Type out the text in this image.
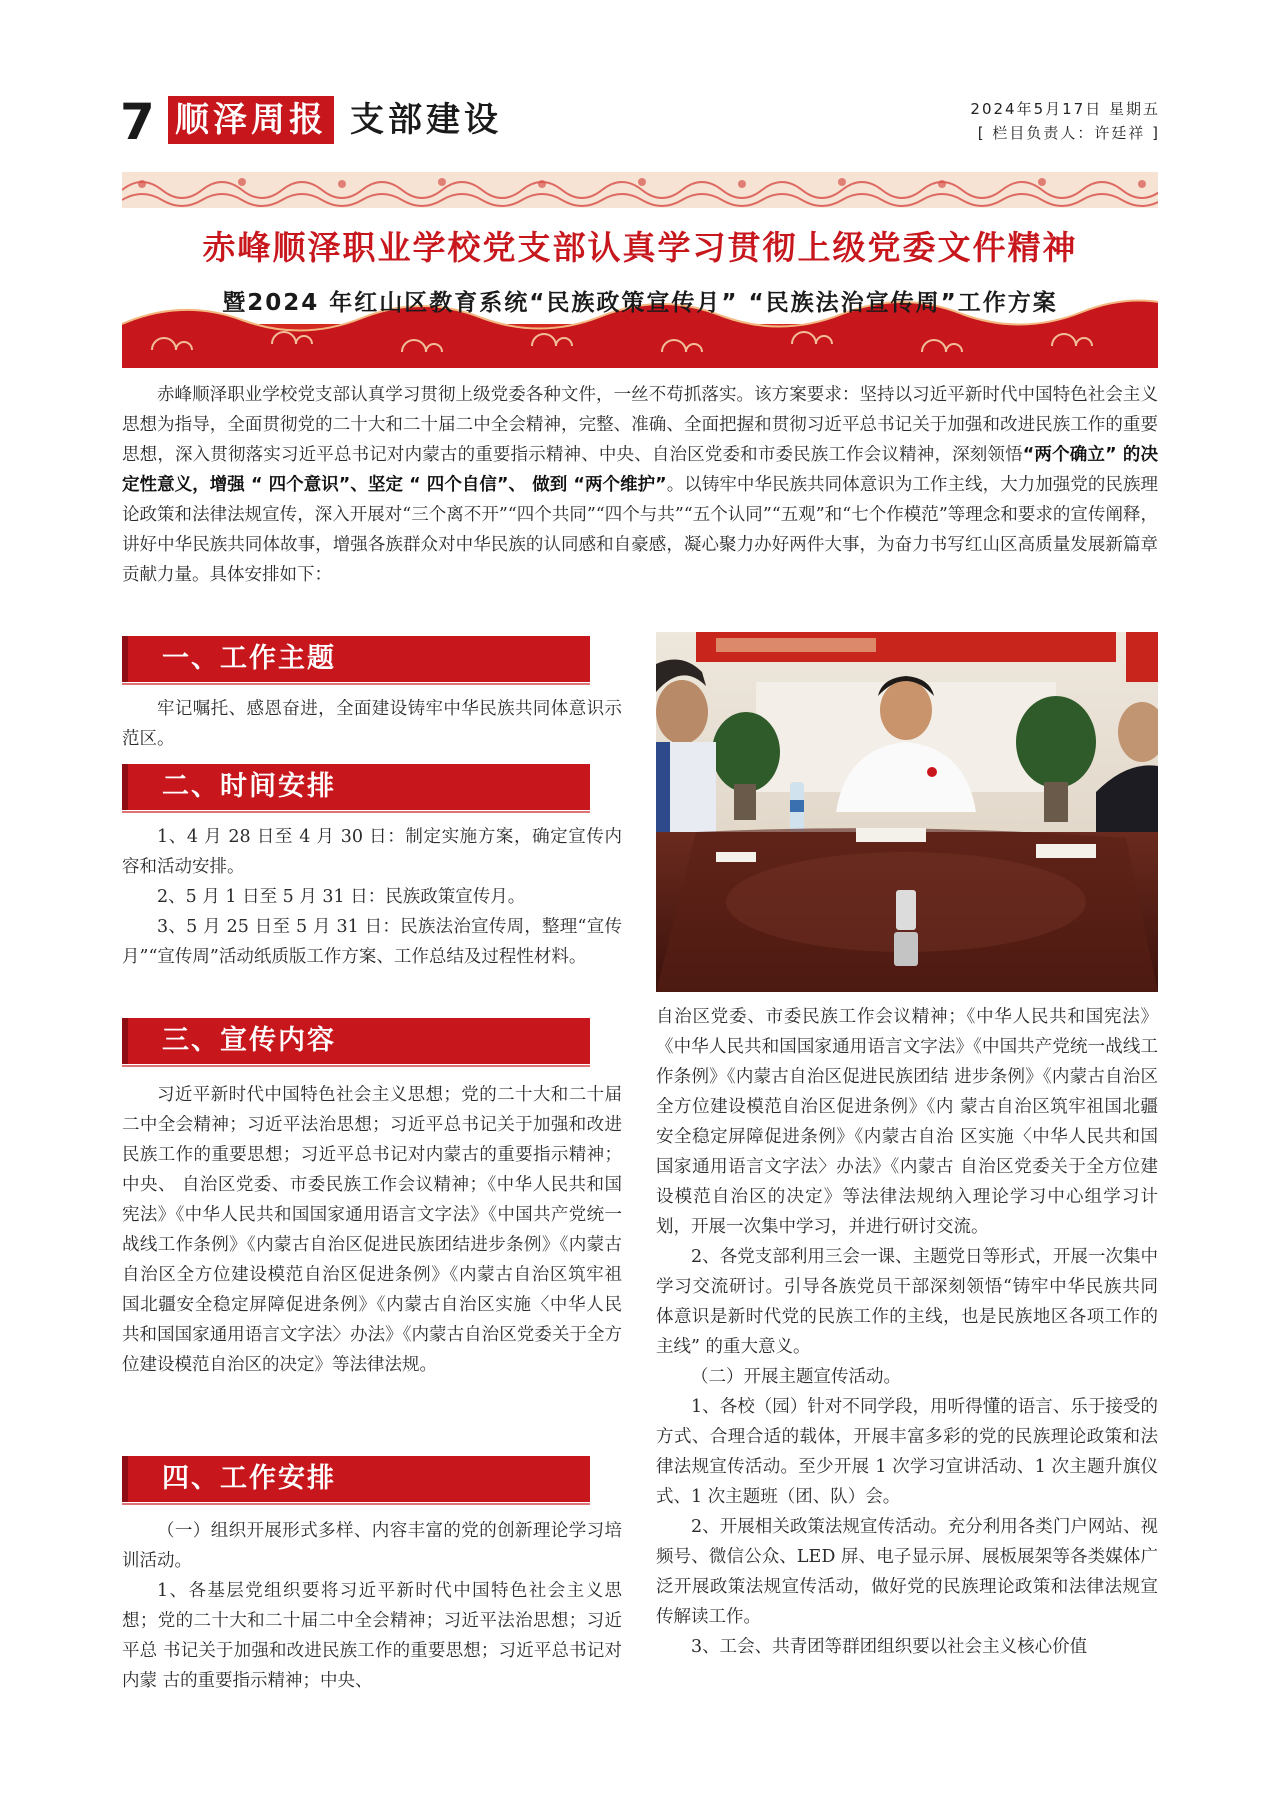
7 顺泽周报 支部建设	2024年5月17日 星期五
[ 栏目负责人：许廷祥 ]
赤峰顺泽职业学校党支部认真学习贯彻上级党委文件精神
暨2024 年红山区教育系统“民族政策宣传月” “民族法治宣传周”工作方案
赤峰顺泽职业学校党支部认真学习贯彻上级党委各种文件，一丝不苟抓落实。该方案要求：坚持以习近平新时代中国特色社会主义思想为指导，全面贯彻党的二十大和二十届二中全会精神，完整、准确、全面把握和贯彻习近平总书记关于加强和改进民族工作的重要思想，深入贯彻落实习近平总书记对内蒙古的重要指示精神、中央、自治区党委和市委民族工作会议精神，深刻领悟“两个确立” 的决定性意义，增强 “ 四个意识”、坚定 “ 四个自信”、 做到 “两个维护”。以铸牢中华民族共同体意识为工作主线，大力加强党的民族理论政策和法律法规宣传，深入开展对“三个离不开”“四个共同”“四个与共”“五个认同”“五观”和“七个作模范”等理念和要求的宣传阐释，讲好中华民族共同体故事，增强各族群众对中华民族的认同感和自豪感，凝心聚力办好两件大事，为奋力书写红山区高质量发展新篇章贡献力量。具体安排如下：
一、工作主题

牢记嘱托、感恩奋进，全面建设铸牢中华民族共同体意识示范区。

二、时间安排

1、4 月 28 日至 4 月 30 日：制定实施方案，确定宣传内容和活动安排。

2、5 月 1 日至 5 月 31 日：民族政策宣传月。

3、5 月 25 日至 5 月 31 日：民族法治宣传周，整理“宣传月”“宣传周”活动纸质版工作方案、工作总结及过程性材料。

三、宣传内容

习近平新时代中国特色社会主义思想；党的二十大和二十届二中全会精神；习近平法治思想；习近平总书记关于加强和改进民族工作的重要思想；习近平总书记对内蒙古的重要指示精神；中央、 自治区党委、市委民族工作会议精神；《中华人民共和国 宪法》《中华人民共和国国家通用语言文字法》《中国共产党统一 战线工作条例》《内蒙古自治区促进民族团结进步条例》《内蒙古 自治区全方位建设模范自治区促进条例》《内蒙古自治区筑牢祖 国北疆安全稳定屏障促进条例》《内蒙古自治区实施〈中华人民 共和国国家通用语言文字法〉办法》《内蒙古自治区党委关于全方位建设模范自治区的决定》等法律法规。

四、工作安排

（一）组织开展形式多样、内容丰富的党的创新理论学习培训活动。

1、各基层党组织要将习近平新时代中国特色社会主义思想；党的二十大和二十届二中全会精神；习近平法治思想；习近平总 书记关于加强和改进民族工作的重要思想；习近平总书记对内蒙 古的重要指示精神；中央、

自治区党委、市委民族工作会议精神；《中华人民共和国宪法》《中华人民共和国国家通用语言文字法》《中国共产党统一战线工作条例》《内蒙古自治区促进民族团结 进步条例》《内蒙古自治区全方位建设模范自治区促进条例》《内 蒙古自治区筑牢祖国北疆安全稳定屏障促进条例》《内蒙古自治 区实施〈中华人民共和国国家通用语言文字法〉办法》《内蒙古 自治区党委关于全方位建设模范自治区的决定》等法律法规纳入理论学习中心组学习计划，开展一次集中学习，并进行研讨交流。

2、各党支部利用三会一课、主题党日等形式，开展一次集中 学习交流研讨。引导各族党员干部深刻领悟“铸牢中华民族共同 体意识是新时代党的民族工作的主线，也是民族地区各项工作的主线” 的重大意义。

（二）开展主题宣传活动。

1、各校（园）针对不同学段，用听得懂的语言、乐于接受的 方式、合理合适的载体，开展丰富多彩的党的民族理论政策和法 律法规宣传活动。至少开展 1 次学习宣讲活动、1 次主题升旗仪式、1 次主题班（团、队）会。

2、开展相关政策法规宣传活动。充分利用各类门户网站、视频号、微信公众、LED 屏、电子显示屏、展板展架等各类媒体广 泛开展政策法规宣传活动，做好党的民族理论政策和法律法规宣传解读工作。

3、工会、共青团等群团组织要以社会主义核心价值
